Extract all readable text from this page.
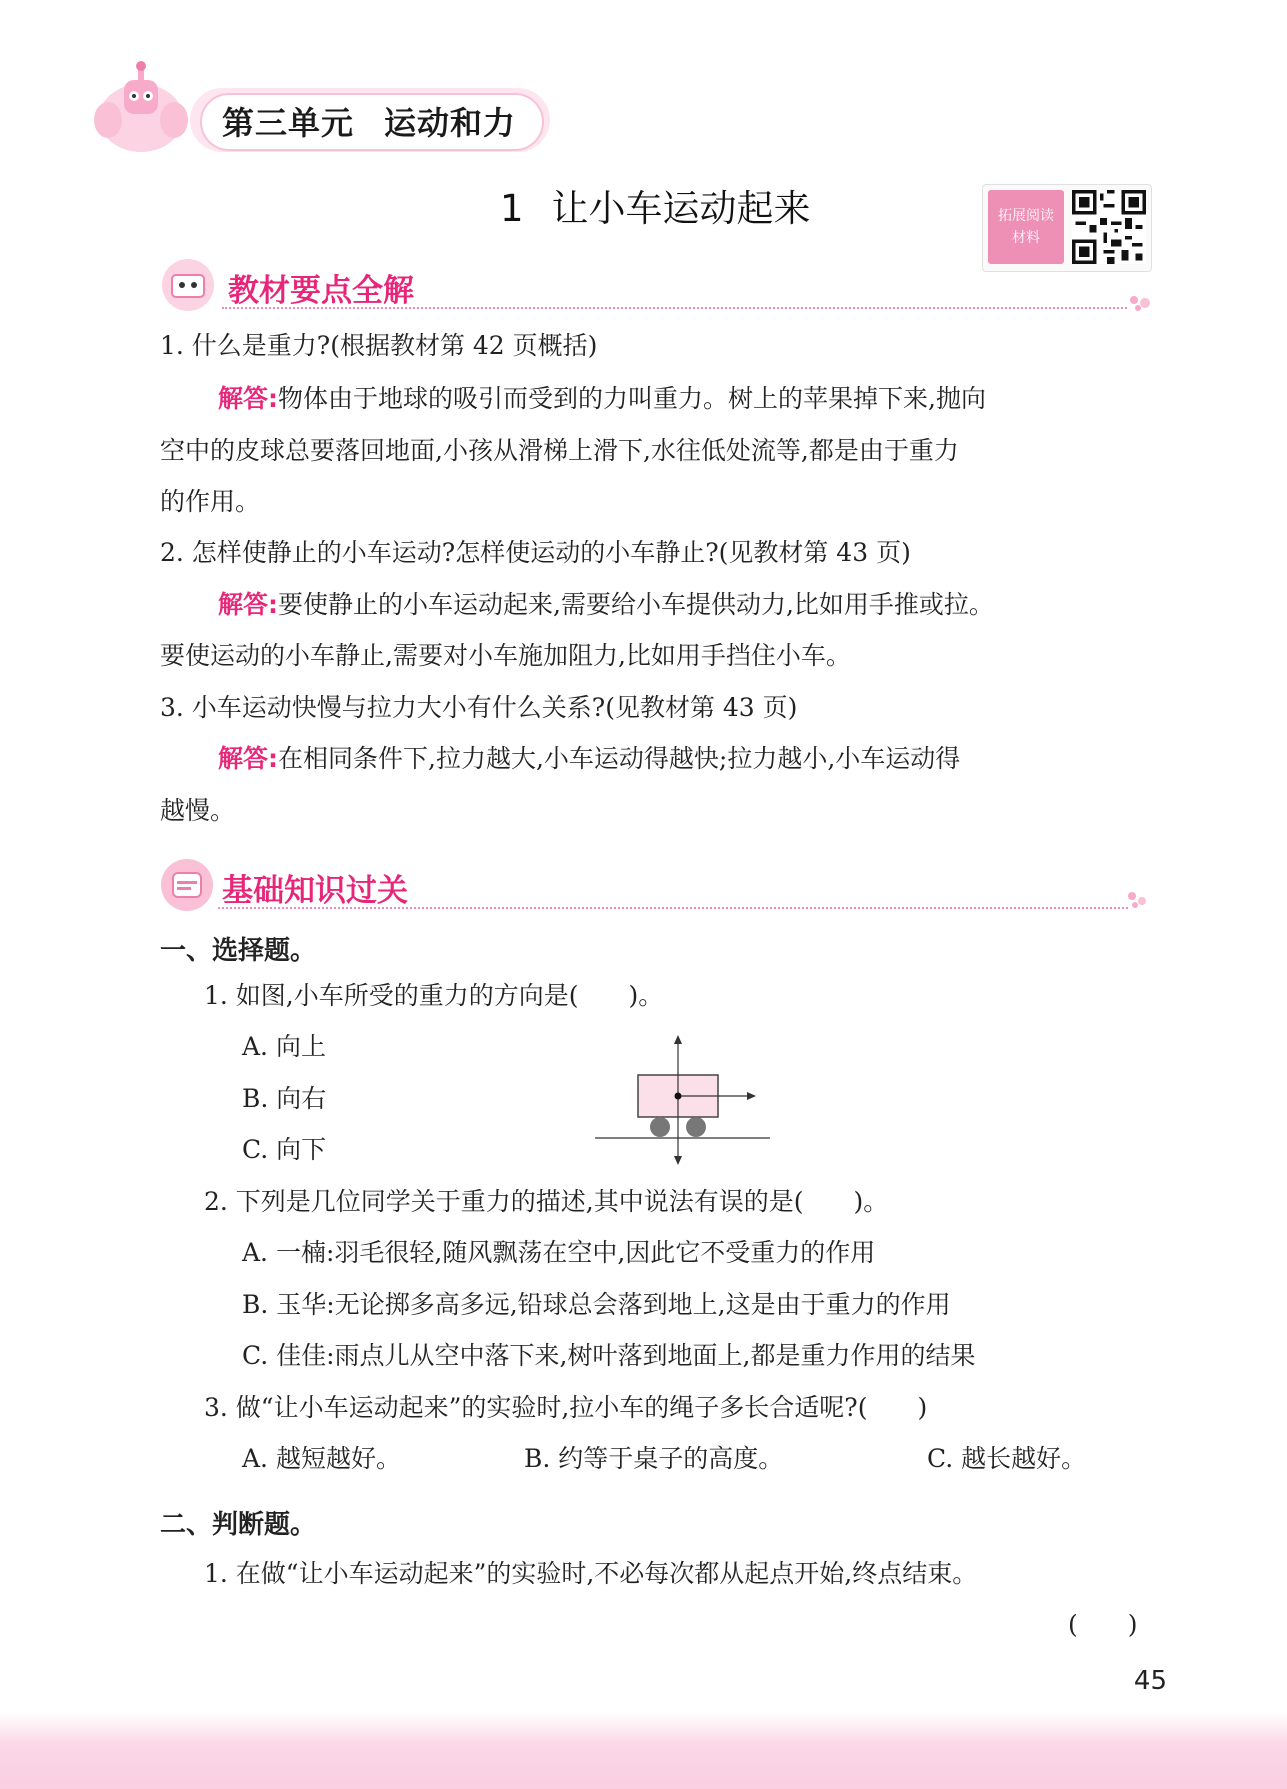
第三单元 运动和力
1 让小车运动起来	拓展阅读
材料
教材要点全解
1. 什么是重力?(根据教材第 42 页概括)
解答:物体由于地球的吸引而受到的力叫重力。树上的苹果掉下来,抛向
空中的皮球总要落回地面,小孩从滑梯上滑下,水往低处流等,都是由于重力
的作用。
2. 怎样使静止的小车运动?怎样使运动的小车静止?(见教材第 43 页)
解答:要使静止的小车运动起来,需要给小车提供动力,比如用手推或拉。
要使运动的小车静止,需要对小车施加阻力,比如用手挡住小车。
3. 小车运动快慢与拉力大小有什么关系?(见教材第 43 页)
解答:在相同条件下,拉力越大,小车运动得越快;拉力越小,小车运动得
越慢。
基础知识过关
一、选择题。
1. 如图,小车所受的重力的方向是(　　)。
A. 向上
B. 向右
C. 向下
2. 下列是几位同学关于重力的描述,其中说法有误的是(　　)。
A. 一楠:羽毛很轻,随风飘荡在空中,因此它不受重力的作用
B. 玉华:无论掷多高多远,铅球总会落到地上,这是由于重力的作用
C. 佳佳:雨点儿从空中落下来,树叶落到地面上,都是重力作用的结果
3. 做“让小车运动起来”的实验时,拉小车的绳子多长合适呢?(　　)
A. 越短越好。	B. 约等于桌子的高度。	C. 越长越好。
二、判断题。
1. 在做“让小车运动起来”的实验时,不必每次都从起点开始,终点结束。
(　　)
45
